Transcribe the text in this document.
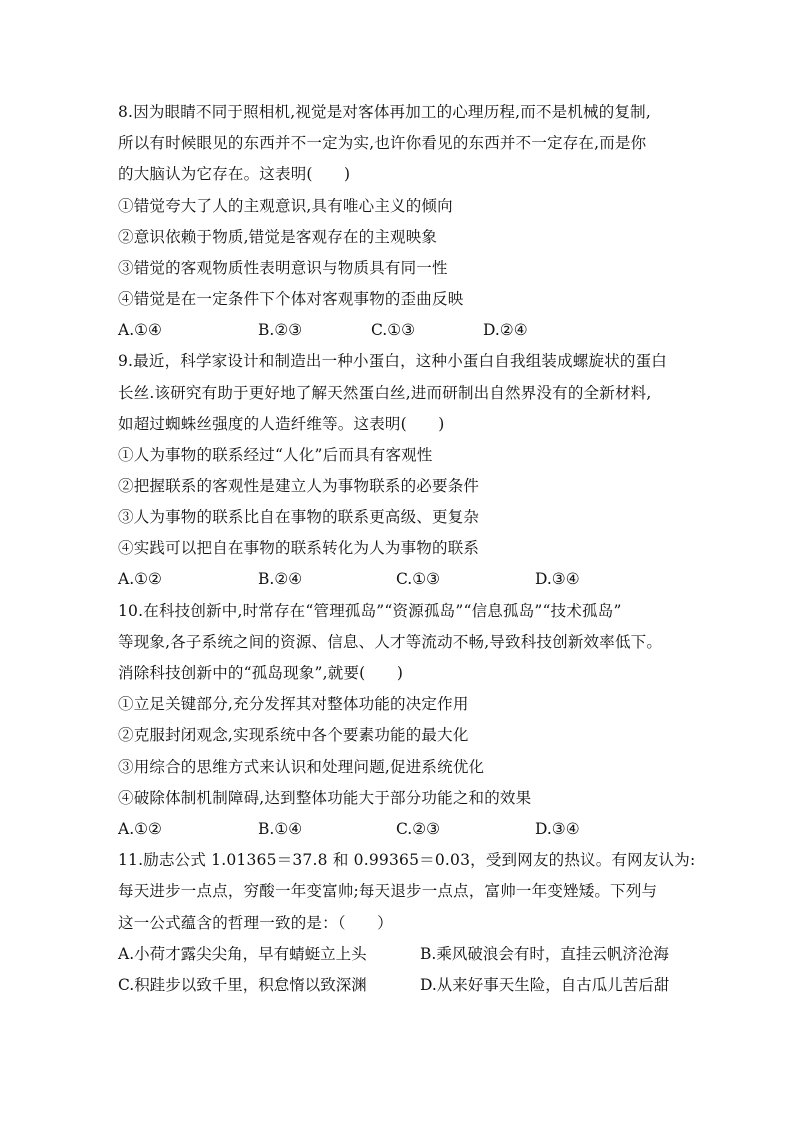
8.因为眼睛不同于照相机,视觉是对客体再加工的心理历程,而不是机械的复制,
所以有时候眼见的东西并不一定为实,也许你看见的东西并不一定存在,而是你
的大脑认为它存在。这表明(　　)
①错觉夸大了人的主观意识,具有唯心主义的倾向
②意识依赖于物质,错觉是客观存在的主观映象
③错觉的客观物质性表明意识与物质具有同一性
④错觉是在一定条件下个体对客观事物的歪曲反映
A.①④	B.②③	C.①③	D.②④
9.最近，科学家设计和制造出一种小蛋白，这种小蛋白自我组装成螺旋状的蛋白
长丝.该研究有助于更好地了解天然蛋白丝,进而研制出自然界没有的全新材料,
如超过蜘蛛丝强度的人造纤维等。这表明(　　)
①人为事物的联系经过“人化”后而具有客观性
②把握联系的客观性是建立人为事物联系的必要条件
③人为事物的联系比自在事物的联系更高级、更复杂
④实践可以把自在事物的联系转化为人为事物的联系
A.①②	B.②④	C.①③	D.③④
10.在科技创新中,时常存在“管理孤岛”“资源孤岛”“信息孤岛”“技术孤岛”
等现象,各子系统之间的资源、信息、人才等流动不畅,导致科技创新效率低下。
消除科技创新中的“孤岛现象”,就要(　　)
①立足关键部分,充分发挥其对整体功能的决定作用
②克服封闭观念,实现系统中各个要素功能的最大化
③用综合的思维方式来认识和处理问题,促进系统优化
④破除体制机制障碍,达到整体功能大于部分功能之和的效果
A.①②	B.①④	C.②③	D.③④
11.励志公式 1.01365＝37.8 和 0.99365＝0.03，受到网友的热议。有网友认为:
每天进步一点点，穷酸一年变富帅;每天退步一点点，富帅一年变矬矮。下列与
这一公式蕴含的哲理一致的是：（　　）
A.小荷才露尖尖角，早有蜻蜓立上头	B.乘风破浪会有时，直挂云帆济沧海
C.积跬步以致千里，积怠惰以致深渊	D.从来好事天生险，自古瓜儿苦后甜
